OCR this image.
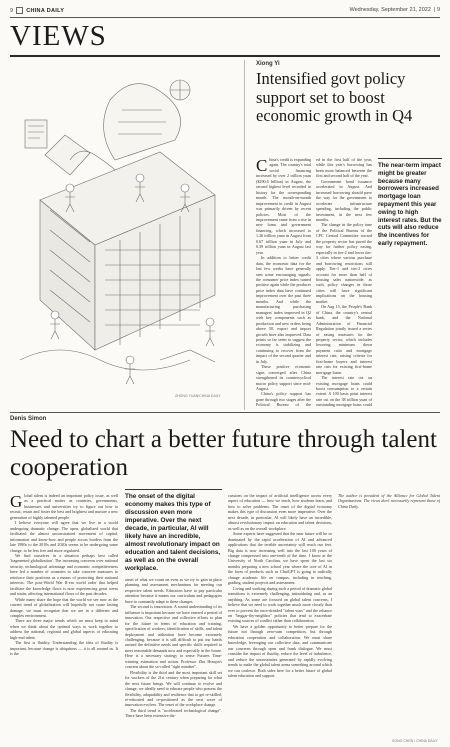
9 CHINA DAILY	Wednesday, September 21, 2022  | 9
VIEWS
ZHONG YUAN/CHINA DAILY
Xiong Yi
Intensified govt policy support set to boost economic growth in Q4
C hina's credit is expanding again. The country's total social financing increased by over 2 trillion yuan ($290.6 billion) in August, the second highest level recorded in history for the corresponding month. The month-on-month improvement in credit in August was primarily driven by recent policies. Most of the improvement came from a rise in new loans and government financing, which increased to 1.26 trillion yuan in August from 0.67 trillion yuan in July and 0.39 trillion yuan in August last year.

In addition to better credit data, the economic data for the last few weeks have generally sent some encouraging signals: the consumer price index turned positive again while the producer price index data have continued improvement over the past three months. And while the manufacturing purchasing managers' index improved in Q2 with key components such as production and new orders being above 50, export and import growth have also improved. Data points so far seem to suggest the economy is stabilizing and continuing to recover from the impact of the second quarter and in July.

These positive economic signs converged after China strengthened its countercyclical macro policy support since mid-August.

China's policy support has gone through two stages after the Political Bureau of the

ed in the first half of the year, while this year's borrowing has been more balanced between the first and second half of the year.

Government bond issuance accelerated in August. And increased borrowing should pave the way for the government to accelerate infrastructure spending, including the public investment, in the next few months.

The change in the policy tone of the Political Bureau of the CPC Central Committee toward the property sector has paved the way for further policy easing, especially in tier-2 and lower tier-3 cities where various purchase and borrowing restrictions still apply. Tier-1 and tier-2 cities account for more than half of housing sales nationwide; as such, policy changes in those cities will have significant implications on the housing market.

On Aug 15, the People's Bank of China, the country's central bank, and the National Administration of Financial Regulation jointly issued a series of easing measures for the property sector, which includes lowering minimum down payment ratio and mortgage interest rate, raising criteria for first-home buyers and interest rate cuts for existing first-home mortgage loans.

The interest rate cut on existing mortgage loans could boost consumption to a certain extent. A 100 basis point interest rate cut on the 38 trillion yuan of outstanding mortgage loans could

The near-term impact might be greater because many borrowers increased mortgage loan repayment this year owing to high interest rates. But the cuts will also reduce the incentives for early repayment.
Denis Simon
Need to chart a better future through talent cooperation
G lobal talent is indeed an important policy issue, as well as a practical matter as countries, governments, businesses and universities try to figure out how to recruit, retain and foster the best and brightest and nurture a new generation of highly talented people.

I believe everyone will agree that we live in a world undergoing dramatic change. The open, globalized world that facilitated the almost unconstrained movement of capital, information and know-how and people across borders from the late 1980s to the 2010s and 2020s seems to be undergoing some change, to be less free and more regulated.

We find ourselves in a situation perhaps best called 'fragmented globalization'. The increasing concerns over national security, technological advantage and economic competitiveness have led a number of countries to take concrete measures to reinforce their positions as a means of protecting their national interests. The post-World War II-era world order that helped facilitate the knowledge flows is now experiencing great stress and strain, affecting international flows of the past decades.

While many share the hope that the world we see now as the current trend of globalization will hopefully not cause lasting damage, we must recognize that we are in a different and complex environment.

There are three major trends which we must keep in mind when we think about the optimal ways to work together to address the national, regional and global aspects of educating high-end talent.

The first is fluidity. Understanding the idea of fluidity is important, because change is ubiquitous — it is all around us. It is the

The onset of the digital economy makes this type of discussion even more imperative. Over the next decade, in particular, AI will likely have an incredible, almost revolutionary impact on education and talent decisions, as well as on the overall workplace.

onset of what we count on even as we try to gain in place planning and assessment mechanisms for meeting our respective talent needs. Educators have to pay particular attention because it means our curriculum and pedagogies have to constantly adapt to these changes.

The second is innovation. A sound understanding of its influence is important because we have entered a period of innovation. Our respective and collective efforts to plan for the future in terms of education and training, specification of workers, identification of skills, and talent deployment and utilization have become extremely challenging, because it is still difficult to put our hands around the definitive needs and specific skills required to meet reasonable demands now and especially in the future. Here is a necessary strategy to sense Futures Time-winning estimation and action. Professor Zhu Houqin's concern about the so-called "right mindset".

Flexibility is the third and the most important skill set for workers of the 21st century when preparing for what the next future brings. We will continue to evolve and change, we ideally need to educate people who possess the flexibility, adaptability and resilience that to get re-skilled, re-educated and re-positioned as the next wave of innovation evolves. The onset of the workplace change.

The third trend is "accelerated technological change". There have been extensive dis-

cussions on the impact of artificial intelligence across every aspect of education — how we teach, how students learn, and how to solve problems. The onset of the digital economy makes this type of discussion even more imperative. Over the next decade, in particular, AI will likely have an incredible, almost revolutionary impact on education and talent decisions, as well as on the overall workplace.

Some experts have suggested that the near future will be so dominated by the rapid acceleration of AI and advanced applications that the terrible uncertainty will reach our feet. Big data is now increasing well into the last 100 years of change compressed into one-tenth of the time. I know at the University of North Carolina, we have spent the last six months preparing a new school year where the core of AI in the form of products such as ChatGPT is going to radically change academic life on campus, including in teaching, grading, student projects and assessment.

Living and working during such a period of dramatic global transitions is extremely challenging, intimidating and, as an anything. As some are focused on global talent concerns, I believe that we need to work together much more closely than ever to prevent the once-dreaded "talent wars" and the reliance on "beggar-thy-neighbor" policies that tend to exacerbate existing sources of conflict rather than collaboration.

We have a golden opportunity to better prepare for the future not through zero-sum competition, but through education cooperation and collaboration. We must share knowledge, leveraging our collective data, and communicate our concerns through open and frank dialogue. We must consider the impact of fluidity, reduce the level of turbulence, and reduce the uncertainties generated by rapidly evolving trends to make the global talent arena something around which we can coalesce. Both sides here for a better future of global talent education and support.

The author is president of the Alliance for Global Talent Organizations. The views don't necessarily represent those of China Daily.

SONG CHEN / CHINA DAILY
